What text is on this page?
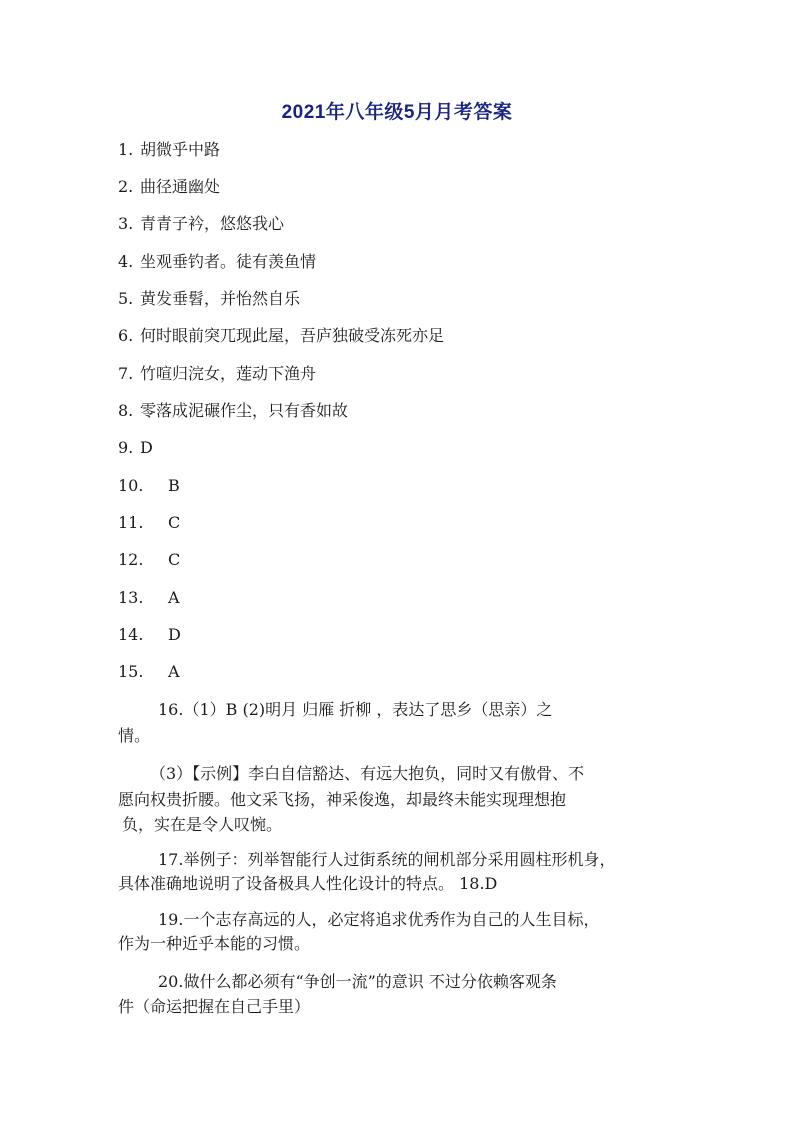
2021年八年级5月月考答案
1. 胡微乎中路
2. 曲径通幽处
3. 青青子衿，悠悠我心
4. 坐观垂钓者。徒有羡鱼情
5. 黄发垂髫，并怡然自乐
6. 何时眼前突兀现此屋，吾庐独破受冻死亦足
7. 竹喧归浣女，莲动下渔舟
8. 零落成泥碾作尘，只有香如故
9. D
10. B
11. C
12. C
13. A
14. D
15. A
16.（1）B (2)明月 归雁 折柳 ，表达了思乡（思亲）之
情。
（3）【示例】李白自信豁达、有远大抱负，同时又有傲骨、不
愿向权贵折腰。他文采飞扬，神采俊逸，却最终未能实现理想抱
负，实在是令人叹惋。
17.举例子：列举智能行人过街系统的闸机部分采用圆柱形机身，
具体准确地说明了设备极具人性化设计的特点。 18.D
19.一个志存高远的人，必定将追求优秀作为自己的人生目标，
作为一种近乎本能的习惯。
20.做什么都必须有“争创一流”的意识 不过分依赖客观条
件（命运把握在自己手里）
